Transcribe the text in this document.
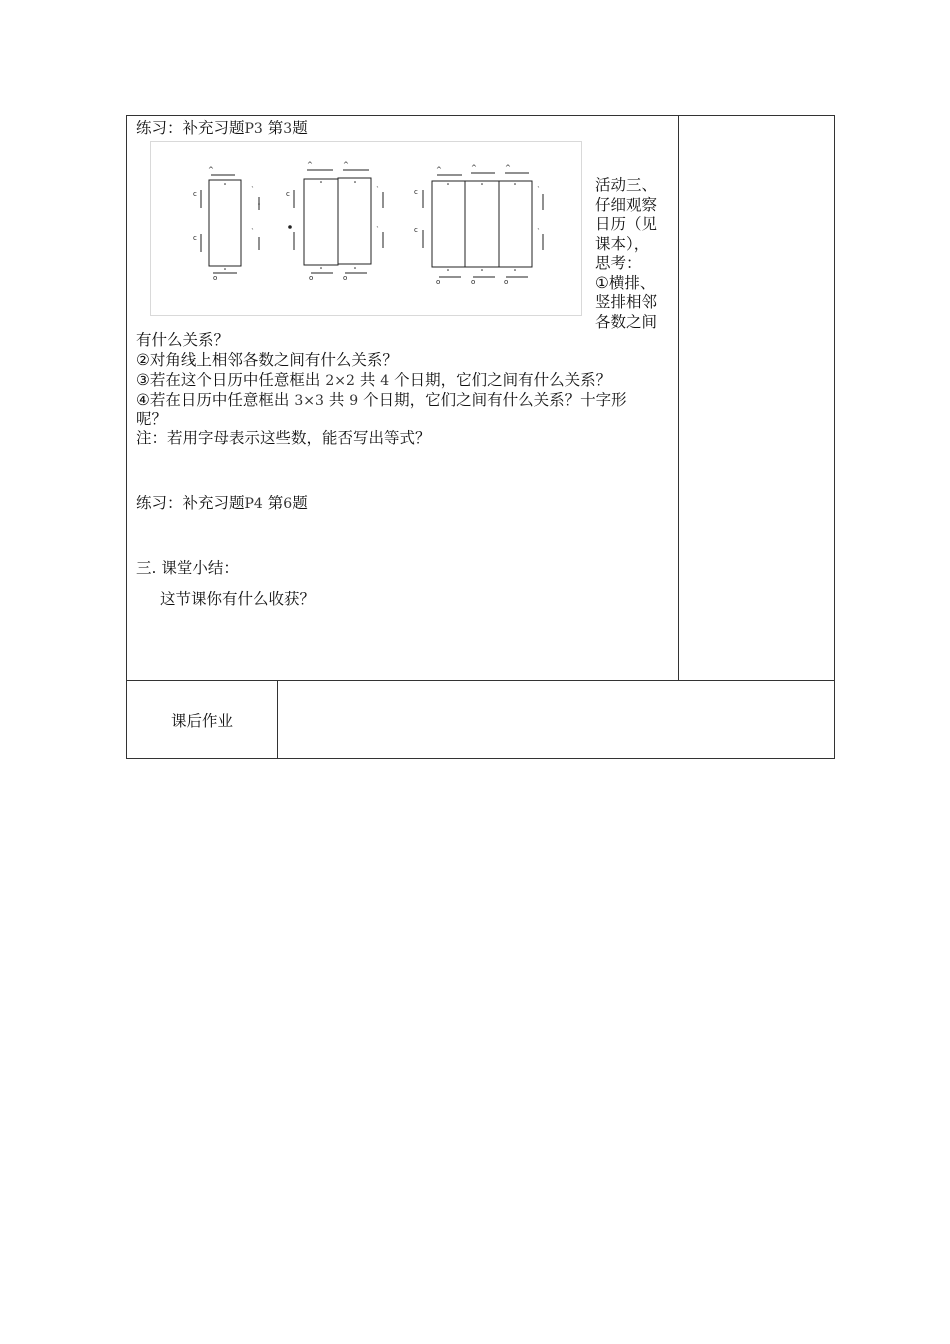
练习：补充习题P3 第3题
^
c
c
`
`
o
^	^
c	`
`
o	o
^	^	^
c
c
`
`
o	o	o
活动三、
仔细观察
日历（见
课本），
思考：
①横排、
竖排相邻
各数之间
有什么关系？
②对角线上相邻各数之间有什么关系？
③若在这个日历中任意框出 2×2 共 4 个日期，它们之间有什么关系？
④若在日历中任意框出 3×3 共 9 个日期，它们之间有什么关系？十字形
呢？
注：若用字母表示这些数，能否写出等式？
练习：补充习题P4 第6题
三. 课堂小结：
这节课你有什么收获？
课后作业
